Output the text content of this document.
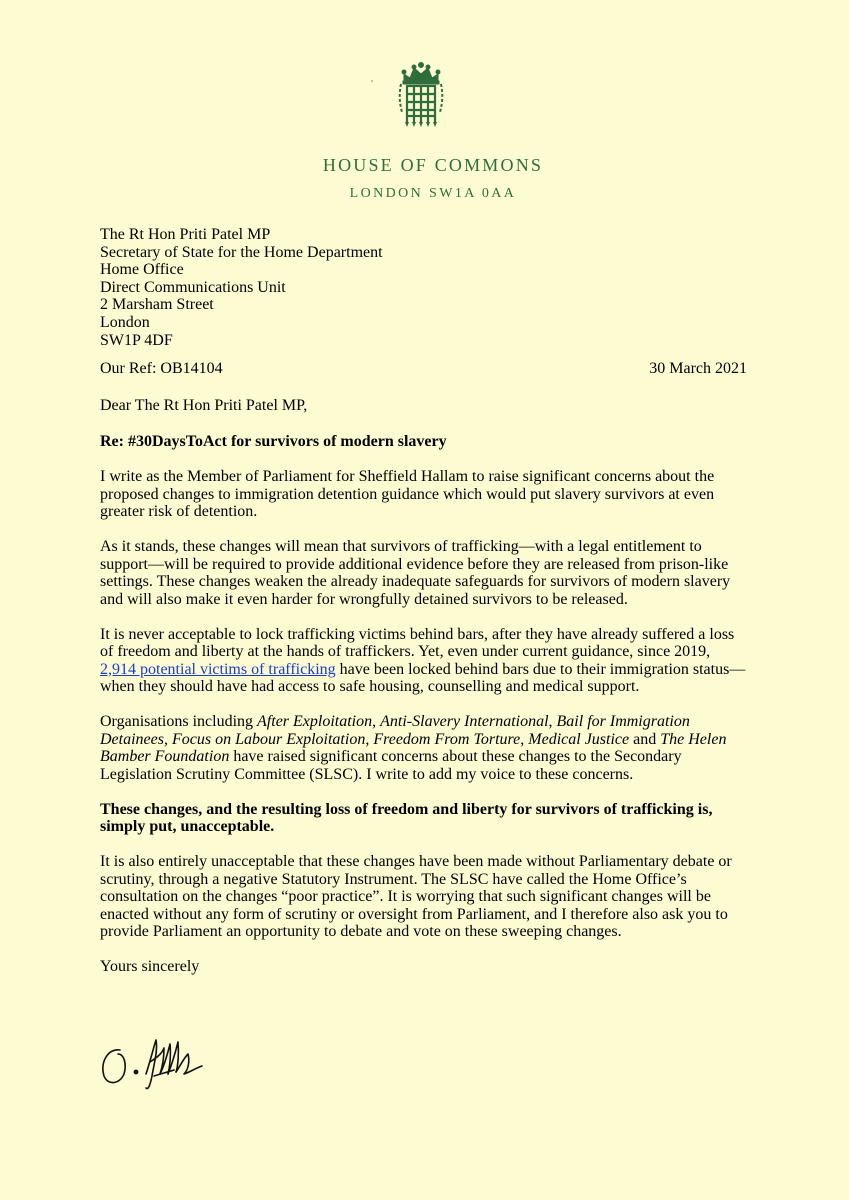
HOUSE OF COMMONS
LONDON SW1A 0AA
The Rt Hon Priti Patel MP
Secretary of State for the Home Department
Home Office
Direct Communications Unit
2 Marsham Street
London
SW1P 4DF
Our Ref: OB14104	30 March 2021

Dear The Rt Hon Priti Patel MP,

Re: #30DaysToAct for survivors of modern slavery

I write as the Member of Parliament for Sheffield Hallam to raise significant concerns about the proposed changes to immigration detention guidance which would put slavery survivors at even greater risk of detention.

As it stands, these changes will mean that survivors of trafficking—with a legal entitlement to support—will be required to provide additional evidence before they are released from prison-like settings. These changes weaken the already inadequate safeguards for survivors of modern slavery and will also make it even harder for wrongfully detained survivors to be released.

It is never acceptable to lock trafficking victims behind bars, after they have already suffered a loss of freedom and liberty at the hands of traffickers. Yet, even under current guidance, since 2019, 2,914 potential victims of trafficking have been locked behind bars due to their immigration status—when they should have had access to safe housing, counselling and medical support.

Organisations including After Exploitation, Anti-Slavery International, Bail for Immigration Detainees, Focus on Labour Exploitation, Freedom From Torture, Medical Justice and The Helen Bamber Foundation have raised significant concerns about these changes to the Secondary Legislation Scrutiny Committee (SLSC). I write to add my voice to these concerns.

These changes, and the resulting loss of freedom and liberty for survivors of trafficking is, simply put, unacceptable.

It is also entirely unacceptable that these changes have been made without Parliamentary debate or scrutiny, through a negative Statutory Instrument. The SLSC have called the Home Office’s consultation on the changes “poor practice”. It is worrying that such significant changes will be enacted without any form of scrutiny or oversight from Parliament, and I therefore also ask you to provide Parliament an opportunity to debate and vote on these sweeping changes.

Yours sincerely
